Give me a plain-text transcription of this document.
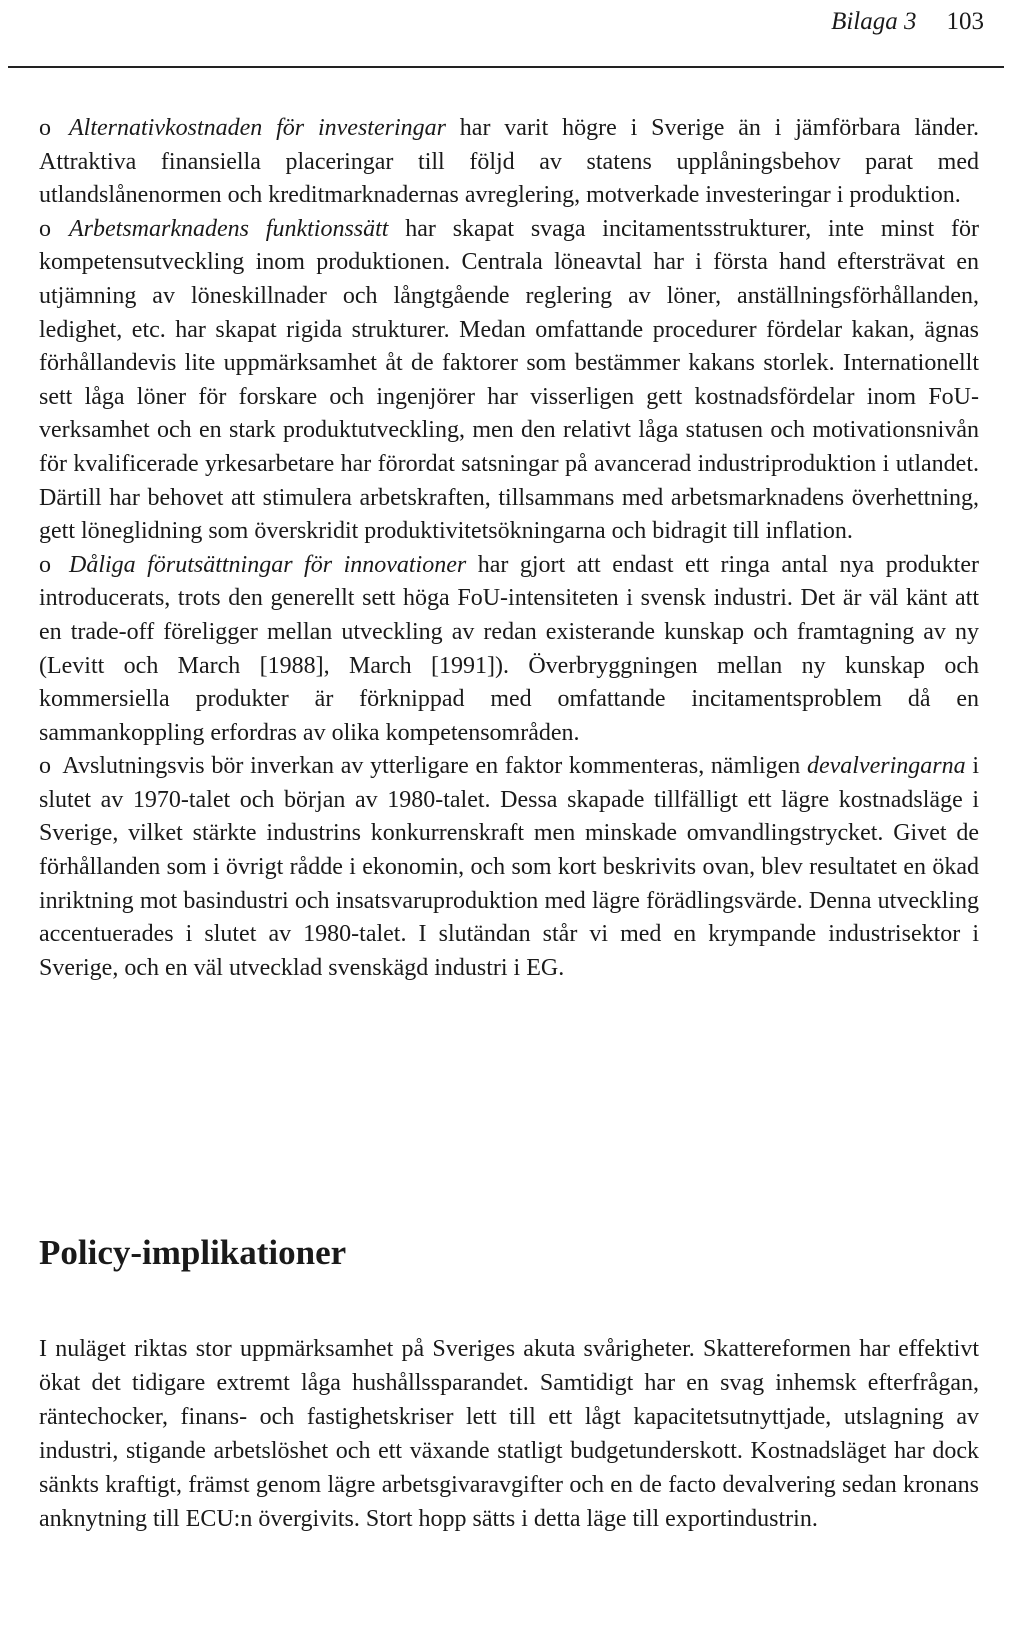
Bilaga 3 103

o Alternativkostnaden för investeringar har varit högre i Sverige än i jämförbara länder. Attraktiva finansiella placeringar till följd av statens upplåningsbehov parat med utlandslånenormen och kreditmarknadernas avreglering, motverkade investeringar i produktion.

o Arbetsmarknadens funktionssätt har skapat svaga incitamentsstrukturer, inte minst för kompetensutveckling inom produktionen. Centrala löneavtal har i första hand eftersträvat en utjämning av löneskillnader och långtgående reglering av löner, anställningsförhållanden, ledighet, etc. har skapat rigida strukturer. Medan omfattande procedurer fördelar kakan, ägnas förhållandevis lite uppmärksamhet åt de faktorer som bestämmer kakans storlek. Internationellt sett låga löner för forskare och ingenjörer har visserligen gett kostnadsfördelar inom FoU-verksamhet och en stark produktutveckling, men den relativt låga statusen och motivationsnivån för kvalificerade yrkesarbetare har förordat satsningar på avancerad industriproduktion i utlandet. Därtill har behovet att stimulera arbetskraften, tillsammans med arbetsmarknadens överhettning, gett löneglidning som överskridit produktivitetsökningarna och bidragit till inflation.

o Dåliga förutsättningar för innovationer har gjort att endast ett ringa antal nya produkter introducerats, trots den generellt sett höga FoU-intensiteten i svensk industri. Det är väl känt att en trade-off föreligger mellan utveckling av redan existerande kunskap och framtagning av ny (Levitt och March [1988], March [1991]). Överbryggningen mellan ny kunskap och kommersiella produkter är förknippad med omfattande incitamentsproblem då en sammankoppling erfordras av olika kompetensområden.

o Avslutningsvis bör inverkan av ytterligare en faktor kommenteras, nämligen devalveringarna i slutet av 1970-talet och början av 1980-talet. Dessa skapade tillfälligt ett lägre kostnadsläge i Sverige, vilket stärkte industrins konkurrenskraft men minskade omvandlingstrycket. Givet de förhållanden som i övrigt rådde i ekonomin, och som kort beskrivits ovan, blev resultatet en ökad inriktning mot basindustri och insatsvaruproduktion med lägre förädlingsvärde. Denna utveckling accentuerades i slutet av 1980-talet. I slutändan står vi med en krympande industrisektor i Sverige, och en väl utvecklad svenskägd industri i EG.

Policy-implikationer

I nuläget riktas stor uppmärksamhet på Sveriges akuta svårigheter. Skattereformen har effektivt ökat det tidigare extremt låga hushållssparandet. Samtidigt har en svag inhemsk efterfrågan, räntechocker, finans- och fastighetskriser lett till ett lågt kapacitetsutnyttjade, utslagning av industri, stigande arbetslöshet och ett växande statligt budgetunderskott. Kostnadsläget har dock sänkts kraftigt, främst genom lägre arbetsgivaravgifter och en de facto devalvering sedan kronans anknytning till ECU:n övergivits. Stort hopp sätts i detta läge till exportindustrin.
